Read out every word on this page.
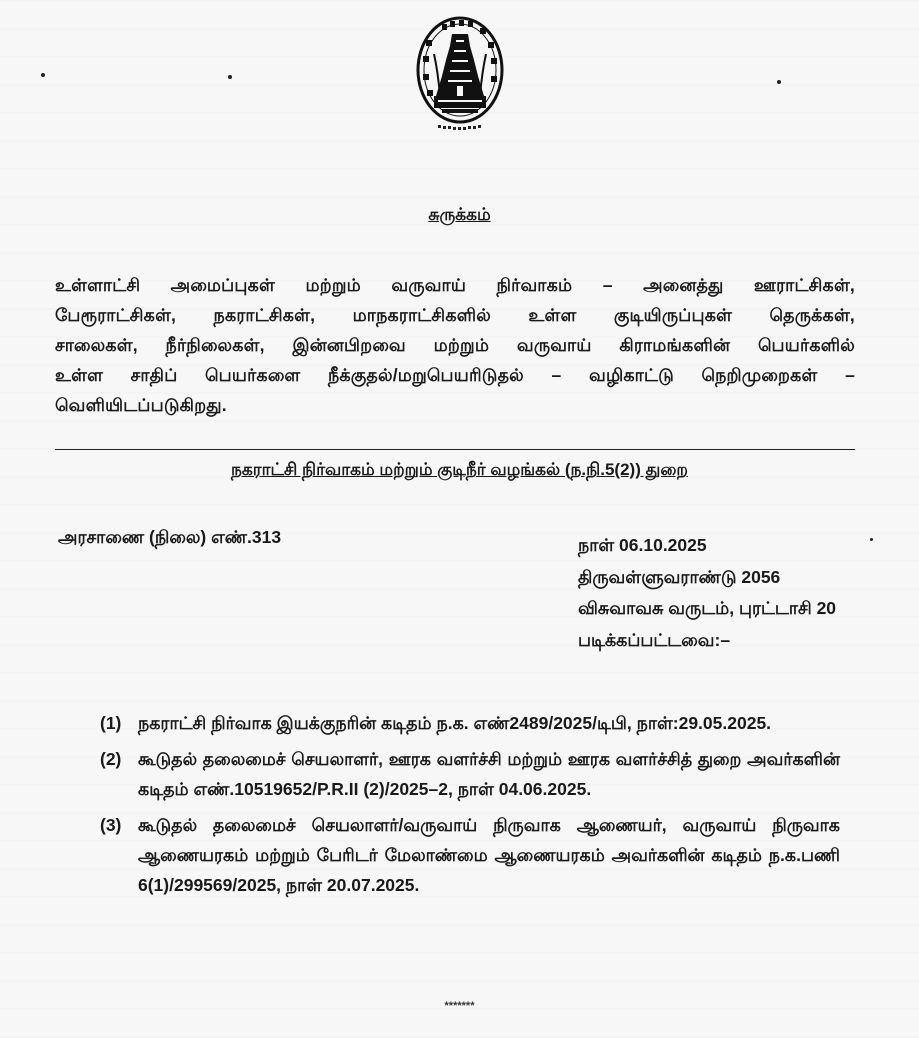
சுருக்கம்
உள்ளாட்சி அமைப்புகள் மற்றும் வருவாய் நிர்வாகம் – அனைத்து ஊராட்சிகள்,
பேரூராட்சிகள், நகராட்சிகள், மாநகராட்சிகளில் உள்ள குடியிருப்புகள் தெருக்கள்,
சாலைகள், நீர்நிலைகள், இன்னபிறவை மற்றும் வருவாய் கிராமங்களின் பெயர்களில்
உள்ள சாதிப் பெயர்களை நீக்குதல்/மறுபெயரிடுதல் – வழிகாட்டு நெறிமுறைகள் –
வெளியிடப்படுகிறது.
நகராட்சி நிர்வாகம் மற்றும் குடிநீர் வழங்கல் (ந.நி.5(2)) துறை
அரசாணை (நிலை) எண்.313	நாள் 06.10.2025
திருவள்ளுவராண்டு 2056
விசுவாவசு வருடம், புரட்டாசி 20
படிக்கப்பட்டவை:–
(1) நகராட்சி நிர்வாக இயக்குநரின் கடிதம் ந.க. எண்2489/2025/டிபி, நாள்:29.05.2025.
(2) கூடுதல் தலைமைச் செயலாளர், ஊரக வளர்ச்சி மற்றும் ஊரக வளர்ச்சித் துறை அவர்களின் கடிதம் எண்.10519652/P.R.II (2)/2025–2, நாள் 04.06.2025.
(3) கூடுதல் தலைமைச் செயலாளர்/வருவாய் நிருவாக ஆணையர், வருவாய் நிருவாக ஆணையரகம் மற்றும் பேரிடர் மேலாண்மை ஆணையரகம் அவர்களின் கடிதம் ந.க.பணி 6(1)/299569/2025, நாள் 20.07.2025.
*******
